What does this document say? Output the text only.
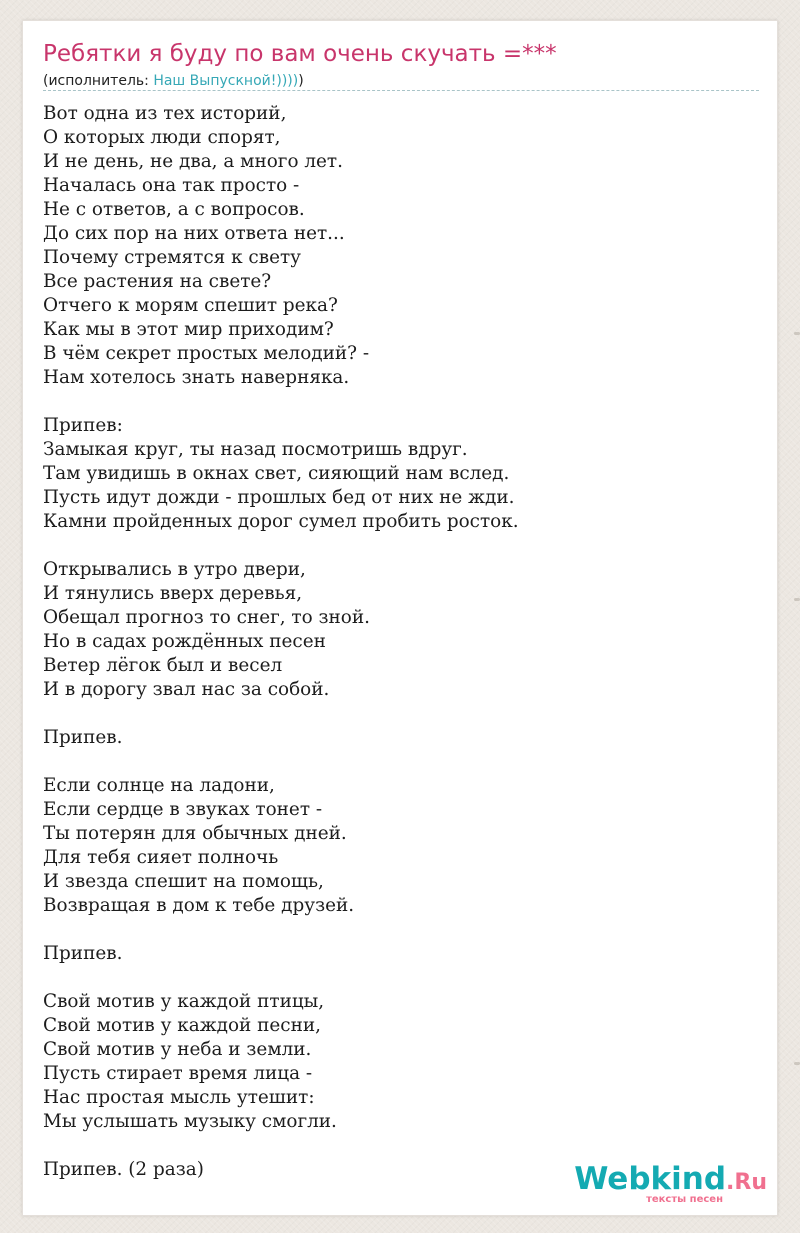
Ребятки я буду по вам очень скучать =***
(исполнитель: Наш Выпускной!)))))
Вот одна из тех историй,
О которых люди спорят,
И не день, не два, а много лет.
Началась она так просто -
Не с ответов, а с вопросов.
До сих пор на них ответа нет...
Почему стремятся к свету
Все растения на свете?
Отчего к морям спешит река?
Как мы в этот мир приходим?
В чём секрет простых мелодий? -
Нам хотелось знать наверняка.
Припев:
Замыкая круг, ты назад посмотришь вдруг.
Там увидишь в окнах свет, сияющий нам вслед.
Пусть идут дожди - прошлых бед от них не жди.
Камни пройденных дорог сумел пробить росток.
Открывались в утро двери,
И тянулись вверх деревья,
Обещал прогноз то снег, то зной.
Но в садах рождённых песен
Ветер лёгок был и весел
И в дорогу звал нас за собой.
Припев.
Если солнце на ладони,
Если сердце в звуках тонет -
Ты потерян для обычных дней.
Для тебя сияет полночь
И звезда спешит на помощь,
Возвращая в дом к тебе друзей.
Припев.
Свой мотив у каждой птицы,
Свой мотив у каждой песни,
Свой мотив у неба и земли.
Пусть стирает время лица -
Нас простая мысль утешит:
Мы услышать музыку смогли.
Припев. (2 раза)	Webkind.Ru
тексты песен
